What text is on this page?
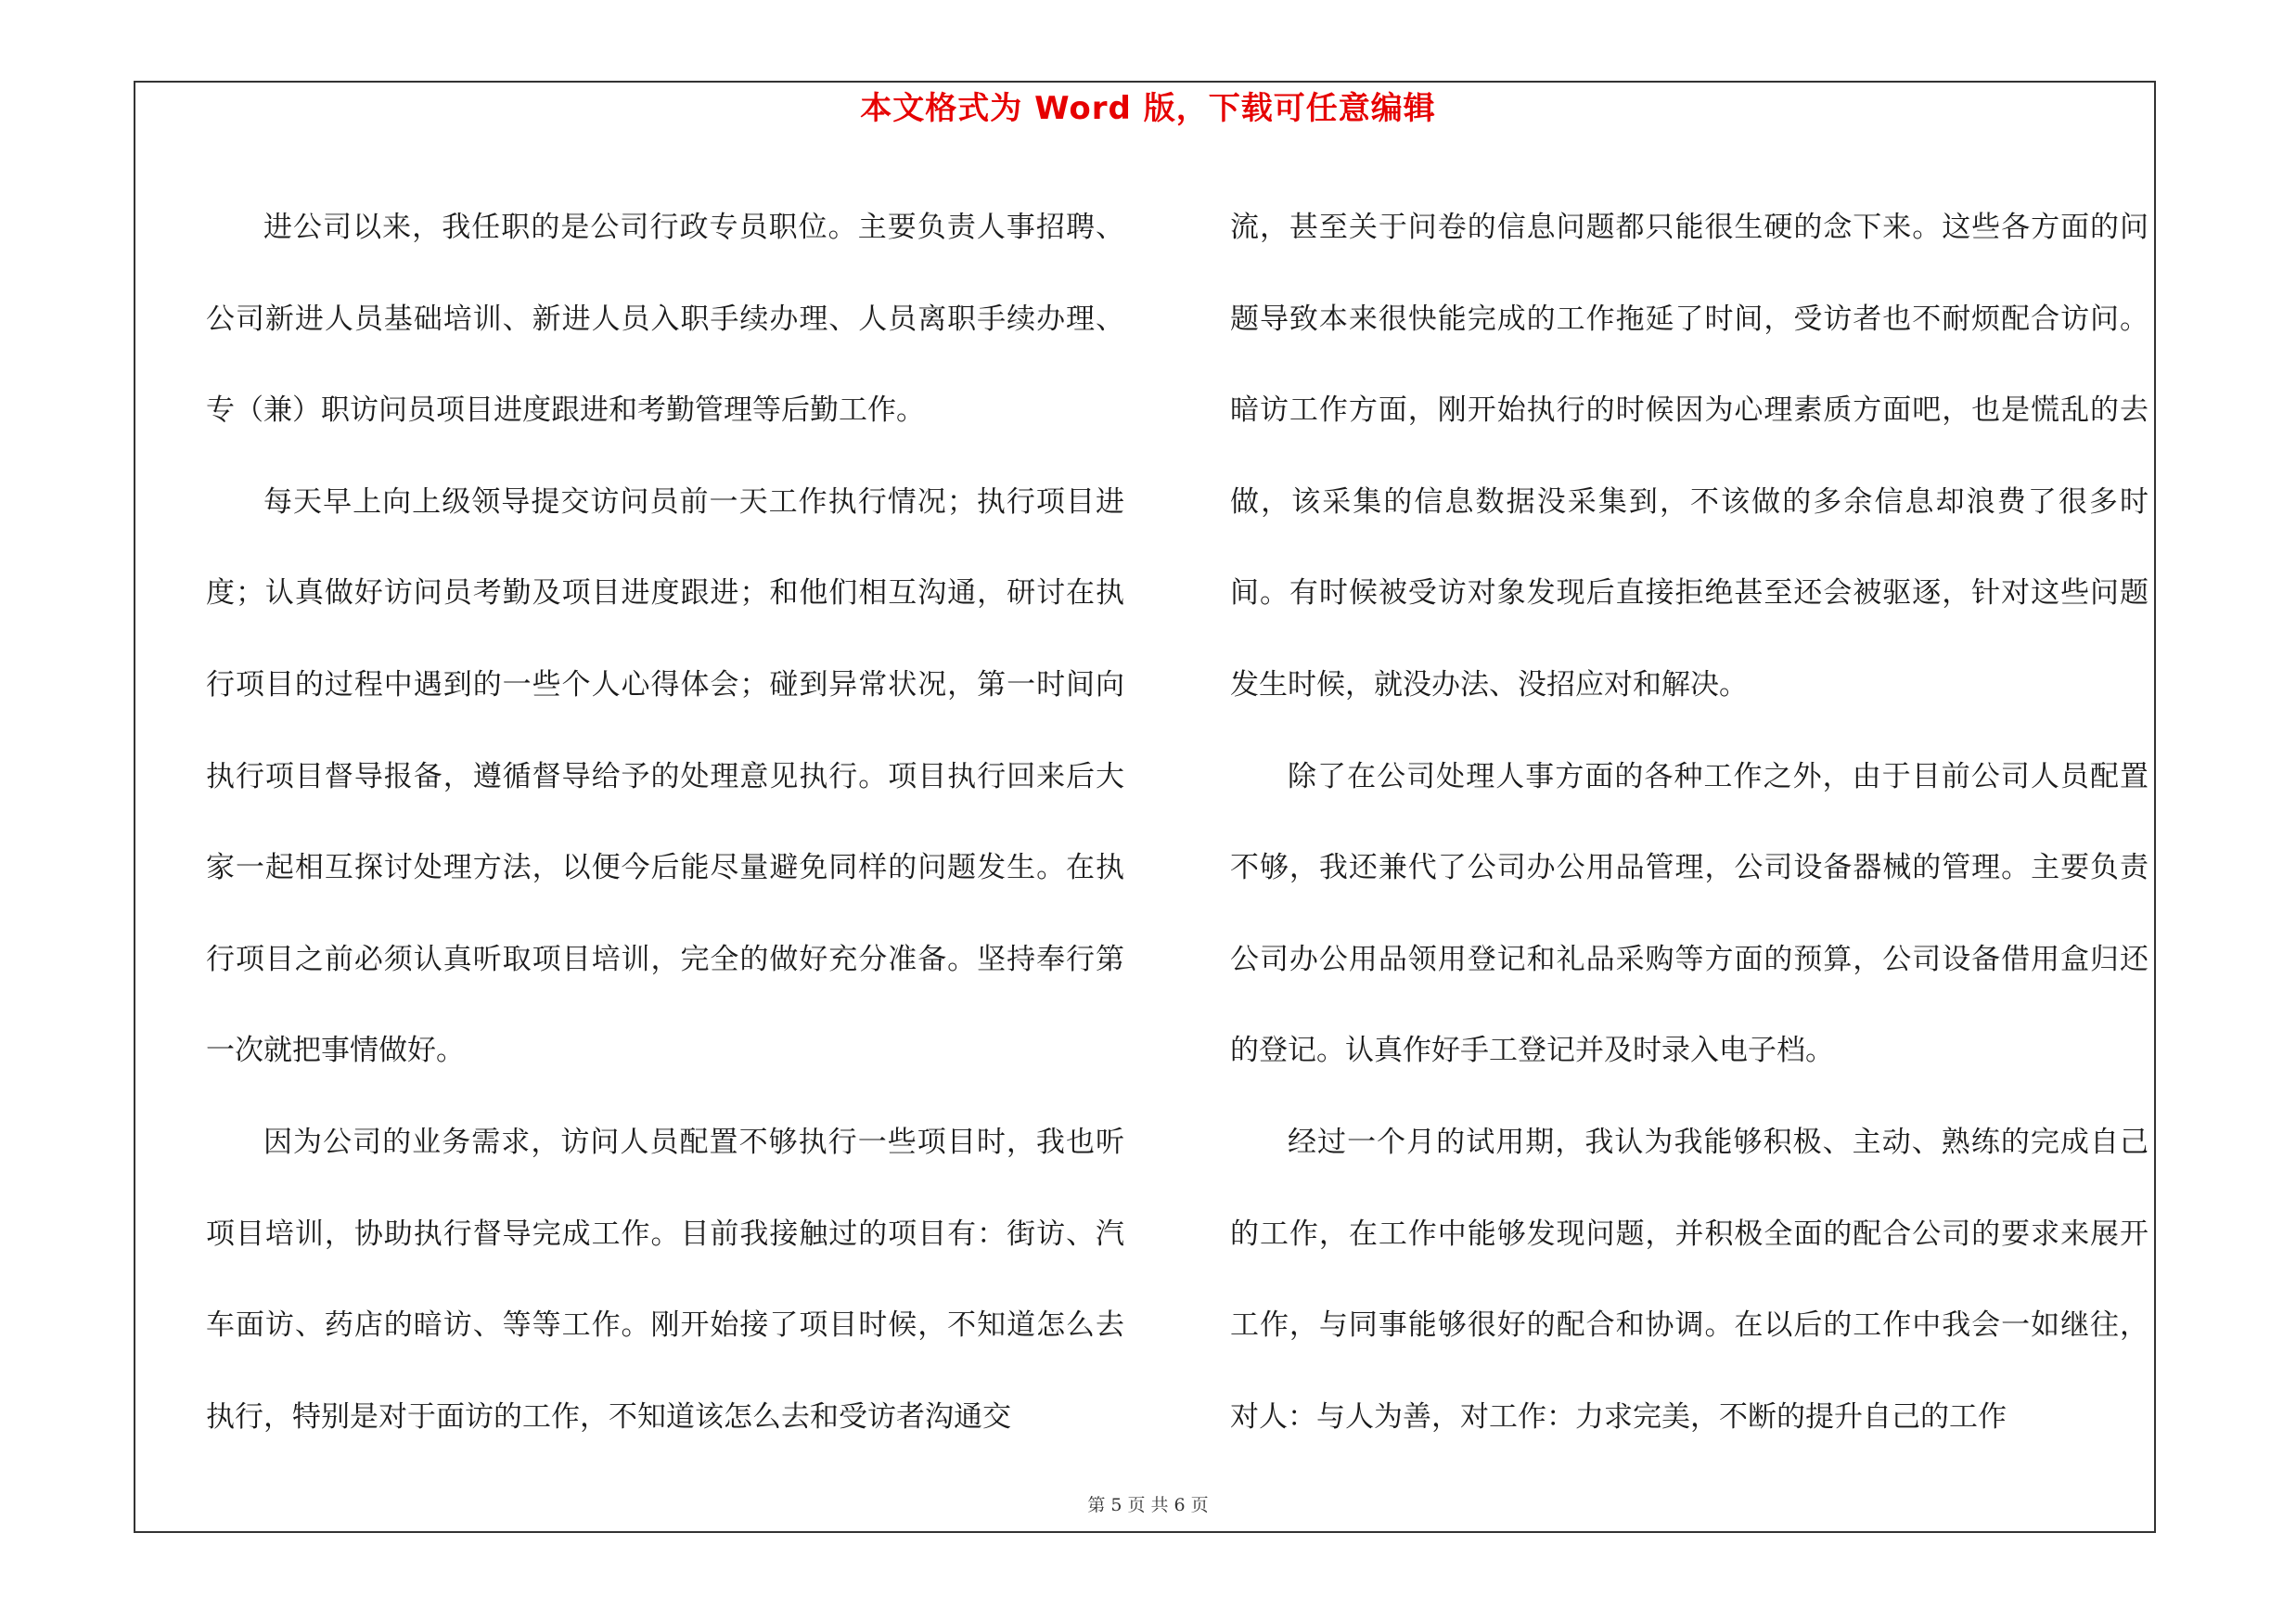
本文格式为 Word 版，下载可任意编辑

进公司以来，我任职的是公司行政专员职位。主要负责人事招聘、公司新进人员基础培训、新进人员入职手续办理、人员离职手续办理、专（兼）职访问员项目进度跟进和考勤管理等后勤工作。

每天早上向上级领导提交访问员前一天工作执行情况；执行项目进度；认真做好访问员考勤及项目进度跟进；和他们相互沟通，研讨在执行项目的过程中遇到的一些个人心得体会；碰到异常状况，第一时间向执行项目督导报备，遵循督导给予的处理意见执行。项目执行回来后大家一起相互探讨处理方法，以便今后能尽量避免同样的问题发生。在执行项目之前必须认真听取项目培训，完全的做好充分准备。坚持奉行第一次就把事情做好。

因为公司的业务需求，访问人员配置不够执行一些项目时，我也听项目培训，协助执行督导完成工作。目前我接触过的项目有：街访、汽车面访、药店的暗访、等等工作。刚开始接了项目时候，不知道怎么去执行，特别是对于面访的工作，不知道该怎么去和受访者沟通交

流，甚至关于问卷的信息问题都只能很生硬的念下来。这些各方面的问题导致本来很快能完成的工作拖延了时间，受访者也不耐烦配合访问。暗访工作方面，刚开始执行的时候因为心理素质方面吧，也是慌乱的去做，该采集的信息数据没采集到，不该做的多余信息却浪费了很多时间。有时候被受访对象发现后直接拒绝甚至还会被驱逐，针对这些问题发生时候，就没办法、没招应对和解决。

除了在公司处理人事方面的各种工作之外，由于目前公司人员配置不够，我还兼代了公司办公用品管理，公司设备器械的管理。主要负责公司办公用品领用登记和礼品采购等方面的预算，公司设备借用盒归还的登记。认真作好手工登记并及时录入电子档。

经过一个月的试用期，我认为我能够积极、主动、熟练的完成自己的工作，在工作中能够发现问题，并积极全面的配合公司的要求来展开工作，与同事能够很好的配合和协调。在以后的工作中我会一如继往，对人：与人为善，对工作：力求完美，不断的提升自己的工作

第 5 页 共 6 页
